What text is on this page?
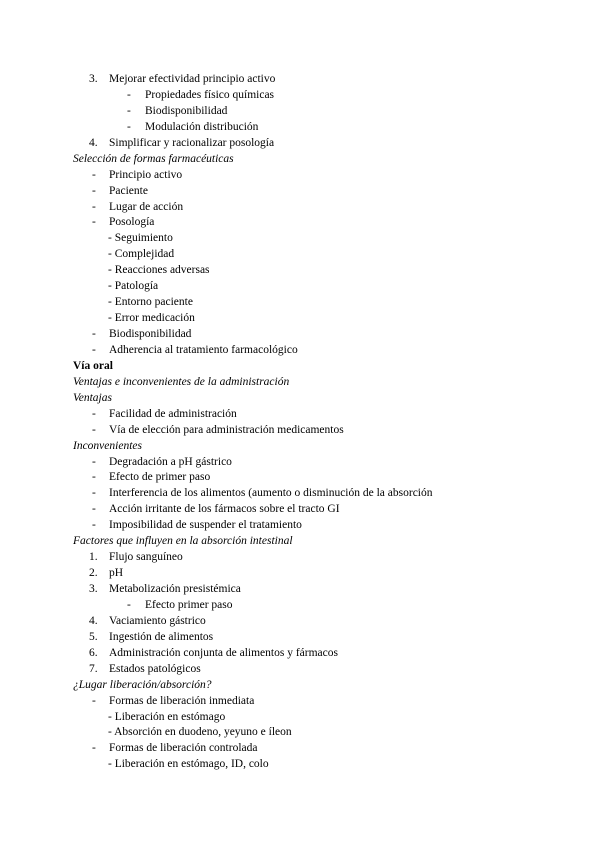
3. Mejorar efectividad principio activo
- Propiedades físico químicas
- Biodisponibilidad
- Modulación distribución
4. Simplificar y racionalizar posología
Selección de formas farmacéuticas
- Principio activo
- Paciente
- Lugar de acción
- Posología
- Seguimiento
- Complejidad
- Reacciones adversas
- Patología
- Entorno paciente
- Error medicación
- Biodisponibilidad
- Adherencia al tratamiento farmacológico
Vía oral
Ventajas e inconvenientes de la administración
Ventajas
- Facilidad de administración
- Vía de elección para administración medicamentos
Inconvenientes
- Degradación a pH gástrico
- Efecto de primer paso
- Interferencia de los alimentos (aumento o disminución de la absorción
- Acción irritante de los fármacos sobre el tracto GI
- Imposibilidad de suspender el tratamiento
Factores que influyen en la absorción intestinal
1. Flujo sanguíneo
2. pH
3. Metabolización presistémica
- Efecto primer paso
4. Vaciamiento gástrico
5. Ingestión de alimentos
6. Administración conjunta de alimentos y fármacos
7. Estados patológicos
¿Lugar liberación/absorción?
- Formas de liberación inmediata
- Liberación en estómago
- Absorción en duodeno, yeyuno e íleon
- Formas de liberación controlada
- Liberación en estómago, ID, colo
